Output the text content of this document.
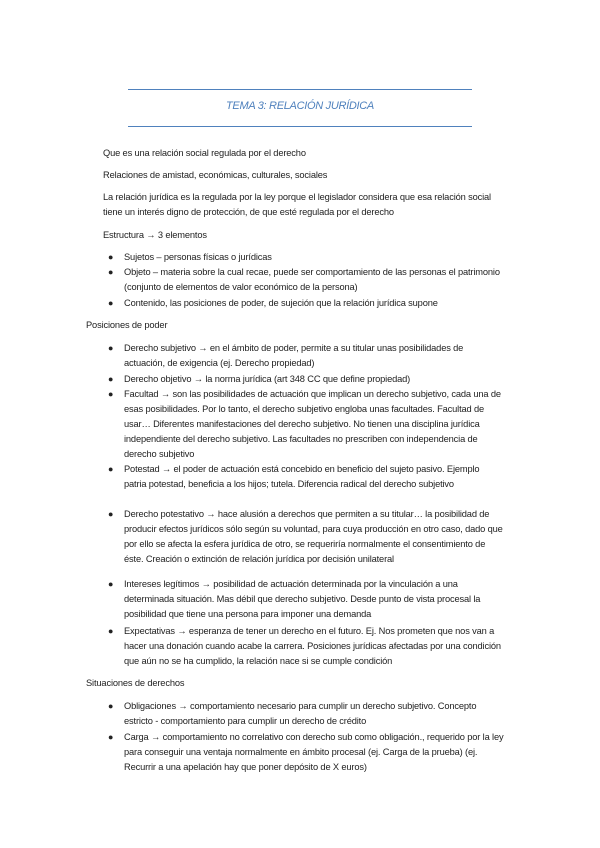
TEMA 3: RELACIÓN JURÍDICA
Que es una relación social regulada por el derecho
Relaciones de amistad, económicas, culturales, sociales
La relación jurídica es la regulada por la ley porque el legislador considera que esa relación social tiene un interés digno de protección, de que esté regulada por el derecho
Estructura → 3 elementos
● Sujetos – personas físicas o jurídicas
● Objeto – materia sobre la cual recae, puede ser comportamiento de las personas el patrimonio (conjunto de elementos de valor económico de la persona)
● Contenido, las posiciones de poder, de sujeción que la relación jurídica supone
Posiciones de poder
● Derecho subjetivo → en el ámbito de poder, permite a su titular unas posibilidades de actuación, de exigencia (ej. Derecho propiedad)
● Derecho objetivo → la norma jurídica (art 348 CC que define propiedad)
● Facultad → son las posibilidades de actuación que implican un derecho subjetivo, cada una de esas posibilidades. Por lo tanto, el derecho subjetivo engloba unas facultades. Facultad de usar… Diferentes manifestaciones del derecho subjetivo. No tienen una disciplina jurídica independiente del derecho subjetivo. Las facultades no prescriben con independencia de derecho subjetivo
● Potestad → el poder de actuación está concebido en beneficio del sujeto pasivo. Ejemplo patria potestad, beneficia a los hijos; tutela. Diferencia radical del derecho subjetivo
● Derecho potestativo → hace alusión a derechos que permiten a su titular… la posibilidad de producir efectos jurídicos sólo según su voluntad, para cuya producción en otro caso, dado que por ello se afecta la esfera jurídica de otro, se requeriría normalmente el consentimiento de éste. Creación o extinción de relación jurídica por decisión unilateral
● Intereses legítimos → posibilidad de actuación determinada por la vinculación a una determinada situación. Mas débil que derecho subjetivo. Desde punto de vista procesal la posibilidad que tiene una persona para imponer una demanda
● Expectativas → esperanza de tener un derecho en el futuro. Ej. Nos prometen que nos van a hacer una donación cuando acabe la carrera. Posiciones jurídicas afectadas por una condición que aún no se ha cumplido, la relación nace si se cumple condición
Situaciones de derechos
● Obligaciones → comportamiento necesario para cumplir un derecho subjetivo. Concepto estricto - comportamiento para cumplir un derecho de crédito
● Carga → comportamiento no correlativo con derecho sub como obligación., requerido por la ley para conseguir una ventaja normalmente en ámbito procesal (ej. Carga de la prueba) (ej. Recurrir a una apelación hay que poner depósito de X euros)
